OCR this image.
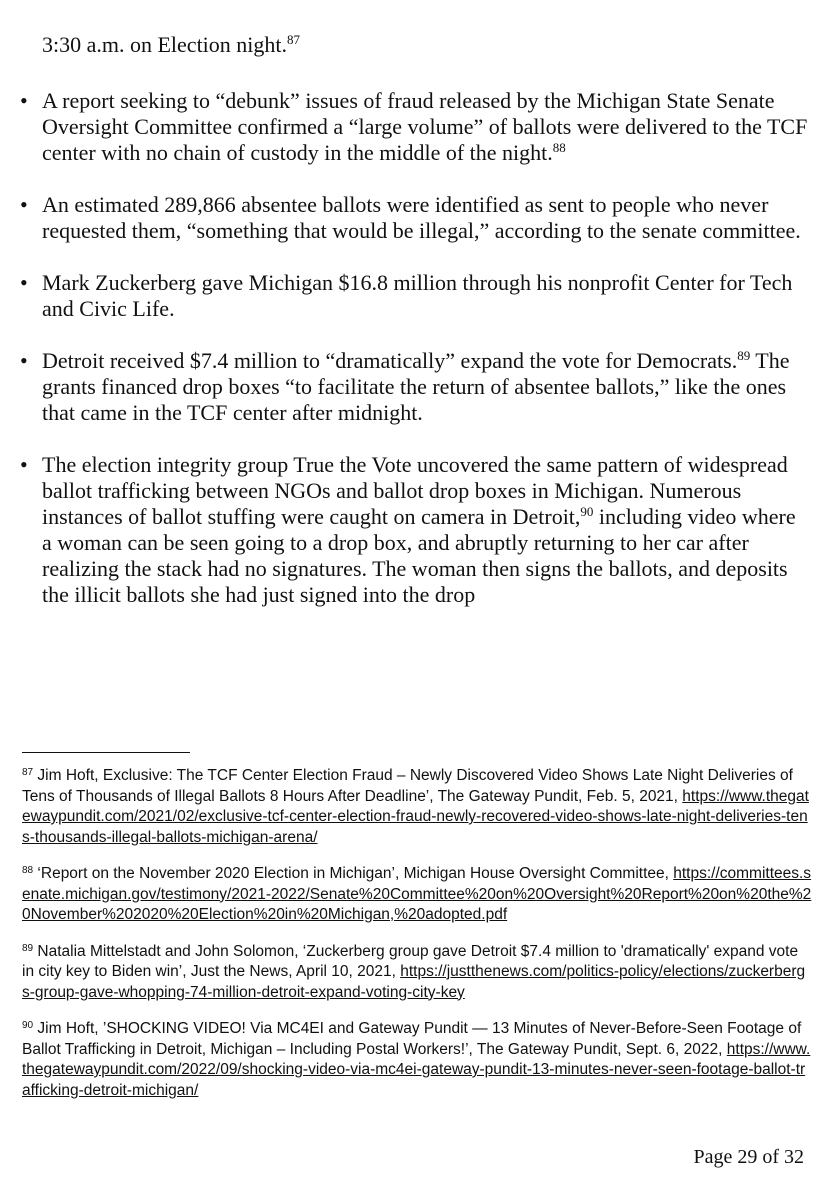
3:30 a.m. on Election night.$^{87}$
• A report seeking to “debunk” issues of fraud released by the Michigan State Senate Oversight Committee confirmed a “large volume” of ballots were delivered to the TCF center with no chain of custody in the middle of the night.$^{88}$
• An estimated 289,866 absentee ballots were identified as sent to people who never requested them, “something that would be illegal,” according to the senate committee.
• Mark Zuckerberg gave Michigan $16.8 million through his nonprofit Center for Tech and Civic Life.
• Detroit received $7.4 million to “dramatically” expand the vote for Democrats.$^{89}$ The grants financed drop boxes “to facilitate the return of absentee ballots,” like the ones that came in the TCF center after midnight.
• The election integrity group True the Vote uncovered the same pattern of widespread ballot trafficking between NGOs and ballot drop boxes in Michigan. Numerous instances of ballot stuffing were caught on camera in Detroit,$^{90}$ including video where a woman can be seen going to a drop box, and abruptly returning to her car after realizing the stack had no signatures. The woman then signs the ballots, and deposits the illicit ballots she had just signed into the drop
$^{87}$ Jim Hoft, Exclusive: The TCF Center Election Fraud – Newly Discovered Video Shows Late Night Deliveries of Tens of Thousands of Illegal Ballots 8 Hours After Deadline’, The Gateway Pundit, Feb. 5, 2021, https://www.thegatewaypundit.com/2021/02/exclusive-tcf-center-election-fraud-newly-recovered-video-shows-late-night-deliveries-tens-thousands-illegal-ballots-michigan-arena/
$^{88}$ ‘Report on the November 2020 Election in Michigan’, Michigan House Oversight Committee, https://committees.senate.michigan.gov/testimony/2021-2022/Senate%20Committee%20on%20Oversight%20Report%20on%20the%20November%202020%20Election%20in%20Michigan,%20adopted.pdf
$^{89}$ Natalia Mittelstadt and John Solomon, ‘Zuckerberg group gave Detroit $7.4 million to 'dramatically' expand vote in city key to Biden win’, Just the News, April 10, 2021, https://justthenews.com/politics-policy/elections/zuckerbergs-group-gave-whopping-74-million-detroit-expand-voting-city-key
$^{90}$ Jim Hoft, ’SHOCKING VIDEO! Via MC4EI and Gateway Pundit — 13 Minutes of Never-Before-Seen Footage of Ballot Trafficking in Detroit, Michigan – Including Postal Workers!’, The Gateway Pundit, Sept. 6, 2022, https://www.thegatewaypundit.com/2022/09/shocking-video-via-mc4ei-gateway-pundit-13-minutes-never-seen-footage-ballot-trafficking-detroit-michigan/
Page 29 of 32
